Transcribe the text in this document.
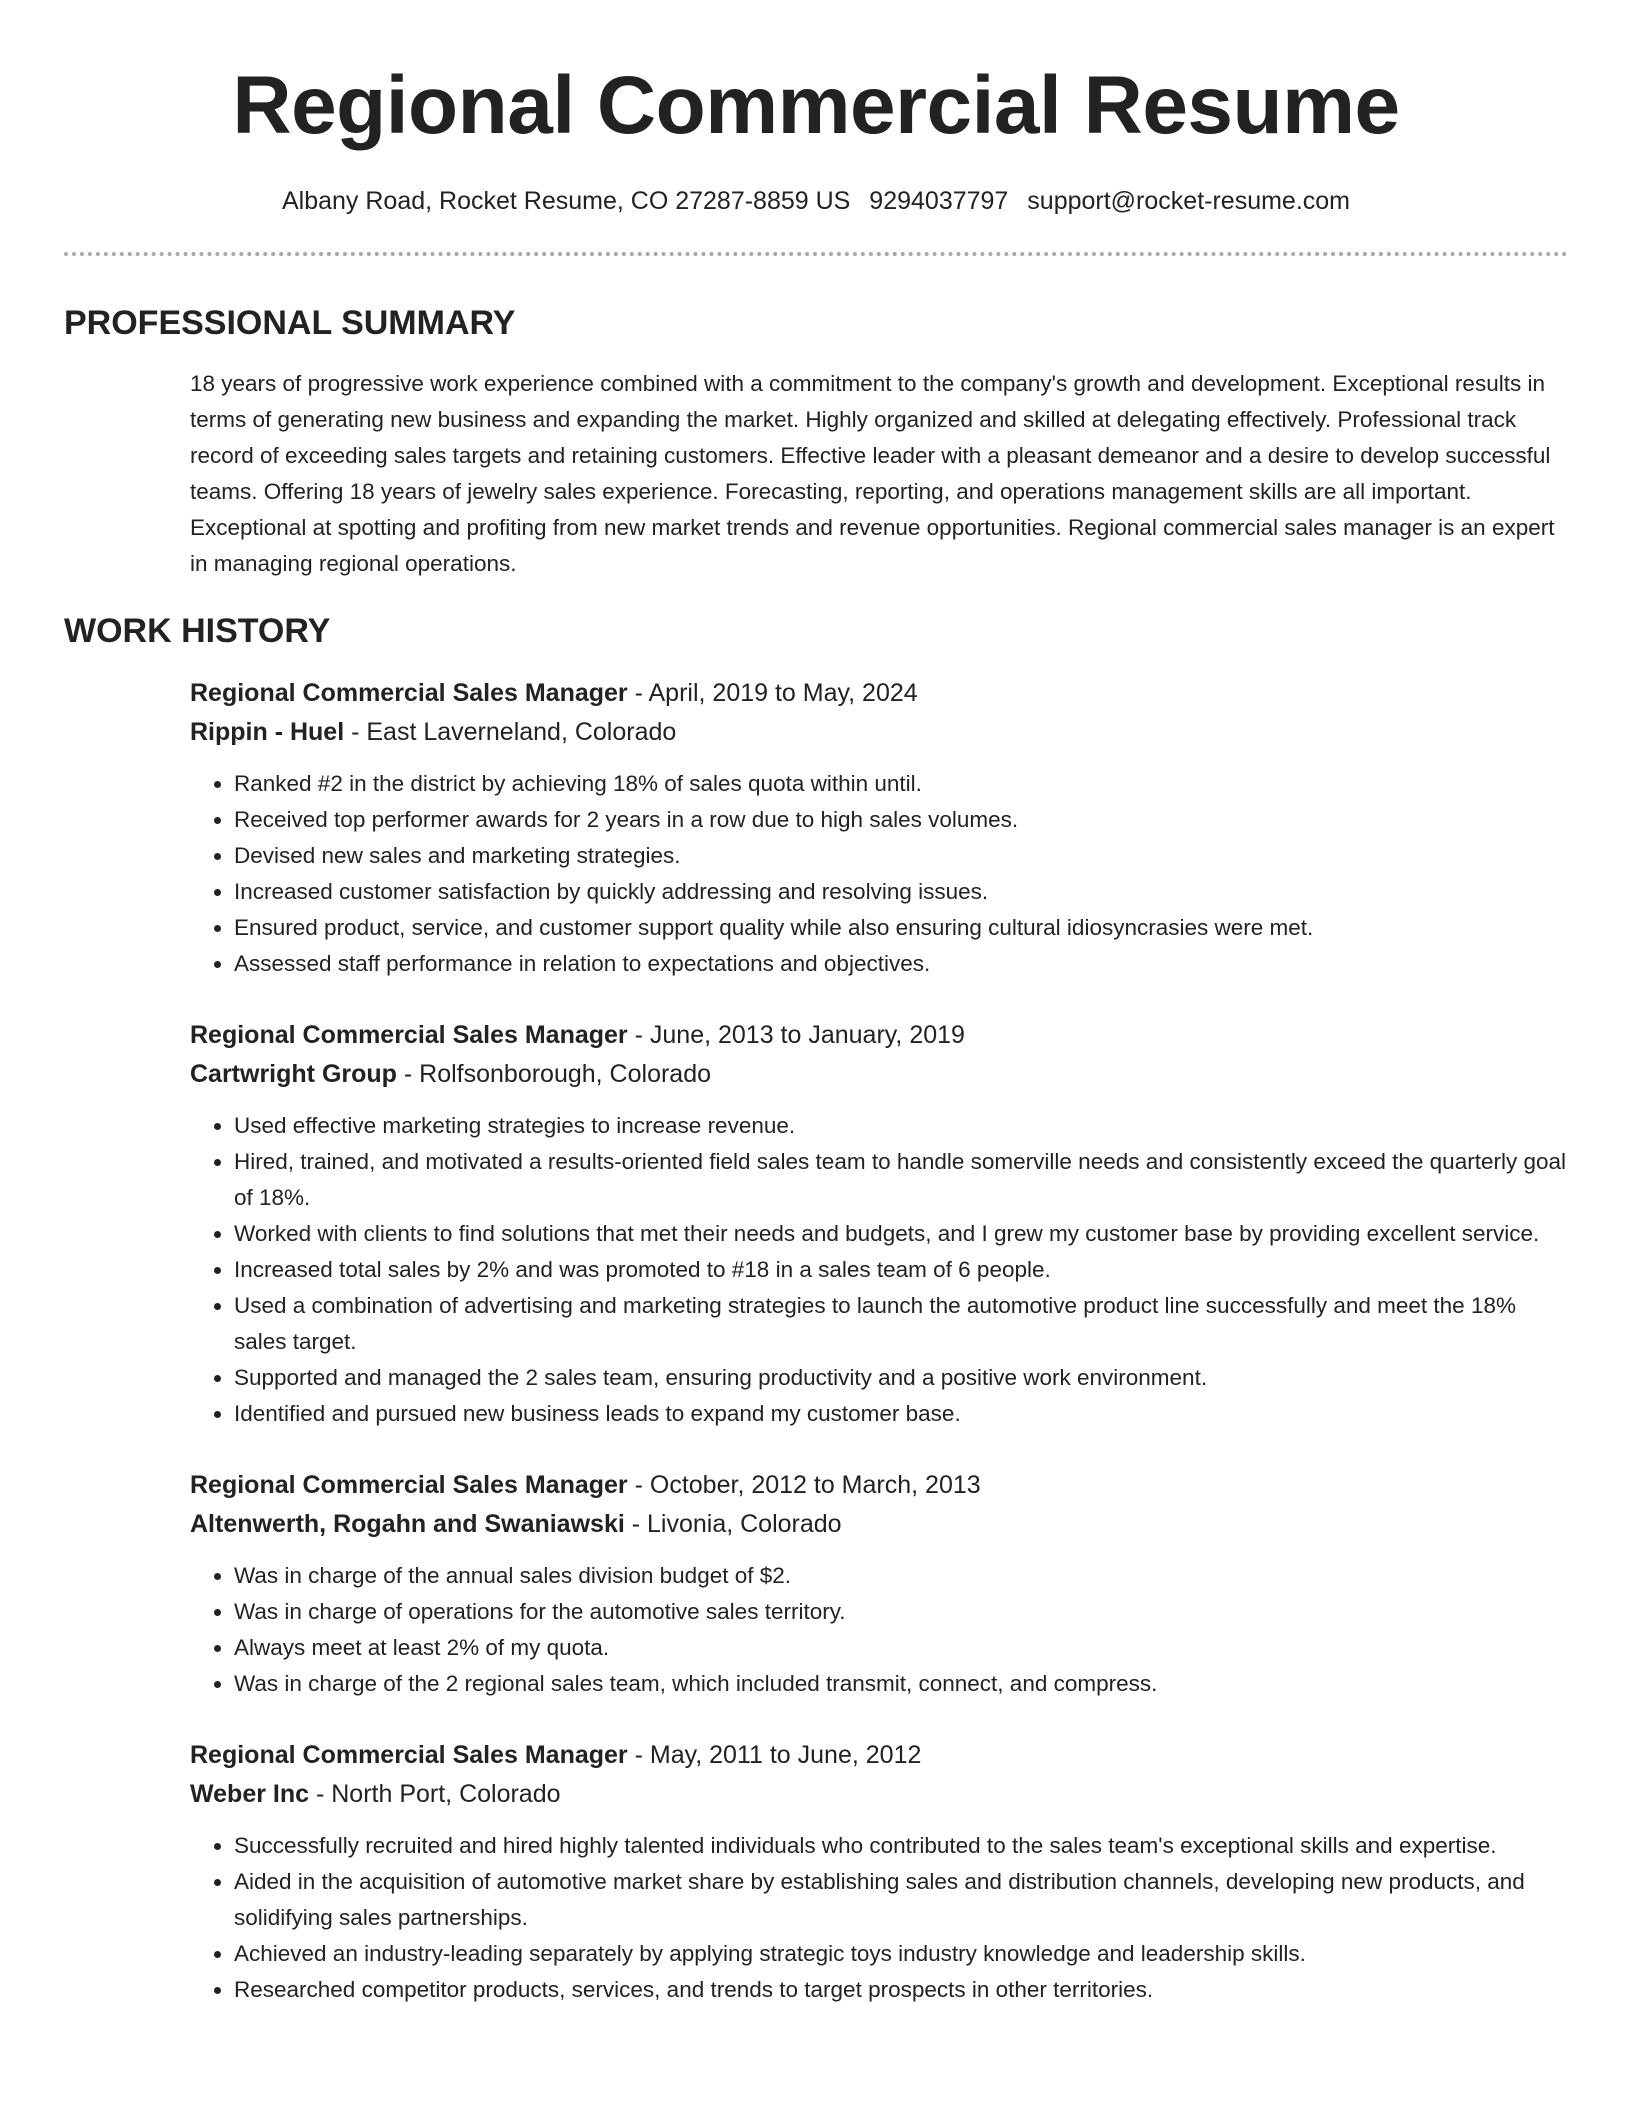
Regional Commercial Resume
Albany Road, Rocket Resume, CO 27287-8859 US 9294037797 support@rocket-resume.com
PROFESSIONAL SUMMARY

18 years of progressive work experience combined with a commitment to the company's growth and development. Exceptional results in terms of generating new business and expanding the market. Highly organized and skilled at delegating effectively. Professional track record of exceeding sales targets and retaining customers. Effective leader with a pleasant demeanor and a desire to develop successful teams. Offering 18 years of jewelry sales experience. Forecasting, reporting, and operations management skills are all important. Exceptional at spotting and profiting from new market trends and revenue opportunities. Regional commercial sales manager is an expert in managing regional operations.

WORK HISTORY
Regional Commercial Sales Manager - April, 2019 to May, 2024
Rippin - Huel - East Laverneland, Colorado
• Ranked #2 in the district by achieving 18% of sales quota within until.
• Received top performer awards for 2 years in a row due to high sales volumes.
• Devised new sales and marketing strategies.
• Increased customer satisfaction by quickly addressing and resolving issues.
• Ensured product, service, and customer support quality while also ensuring cultural idiosyncrasies were met.
• Assessed staff performance in relation to expectations and objectives.
Regional Commercial Sales Manager - June, 2013 to January, 2019
Cartwright Group - Rolfsonborough, Colorado
• Used effective marketing strategies to increase revenue.
• Hired, trained, and motivated a results-oriented field sales team to handle somerville needs and consistently exceed the quarterly goal of 18%.
• Worked with clients to find solutions that met their needs and budgets, and I grew my customer base by providing excellent service.
• Increased total sales by 2% and was promoted to #18 in a sales team of 6 people.
• Used a combination of advertising and marketing strategies to launch the automotive product line successfully and meet the 18% sales target.
• Supported and managed the 2 sales team, ensuring productivity and a positive work environment.
• Identified and pursued new business leads to expand my customer base.
Regional Commercial Sales Manager - October, 2012 to March, 2013
Altenwerth, Rogahn and Swaniawski - Livonia, Colorado
• Was in charge of the annual sales division budget of $2.
• Was in charge of operations for the automotive sales territory.
• Always meet at least 2% of my quota.
• Was in charge of the 2 regional sales team, which included transmit, connect, and compress.
Regional Commercial Sales Manager - May, 2011 to June, 2012
Weber Inc - North Port, Colorado
• Successfully recruited and hired highly talented individuals who contributed to the sales team's exceptional skills and expertise.
• Aided in the acquisition of automotive market share by establishing sales and distribution channels, developing new products, and solidifying sales partnerships.
• Achieved an industry-leading separately by applying strategic toys industry knowledge and leadership skills.
• Researched competitor products, services, and trends to target prospects in other territories.
